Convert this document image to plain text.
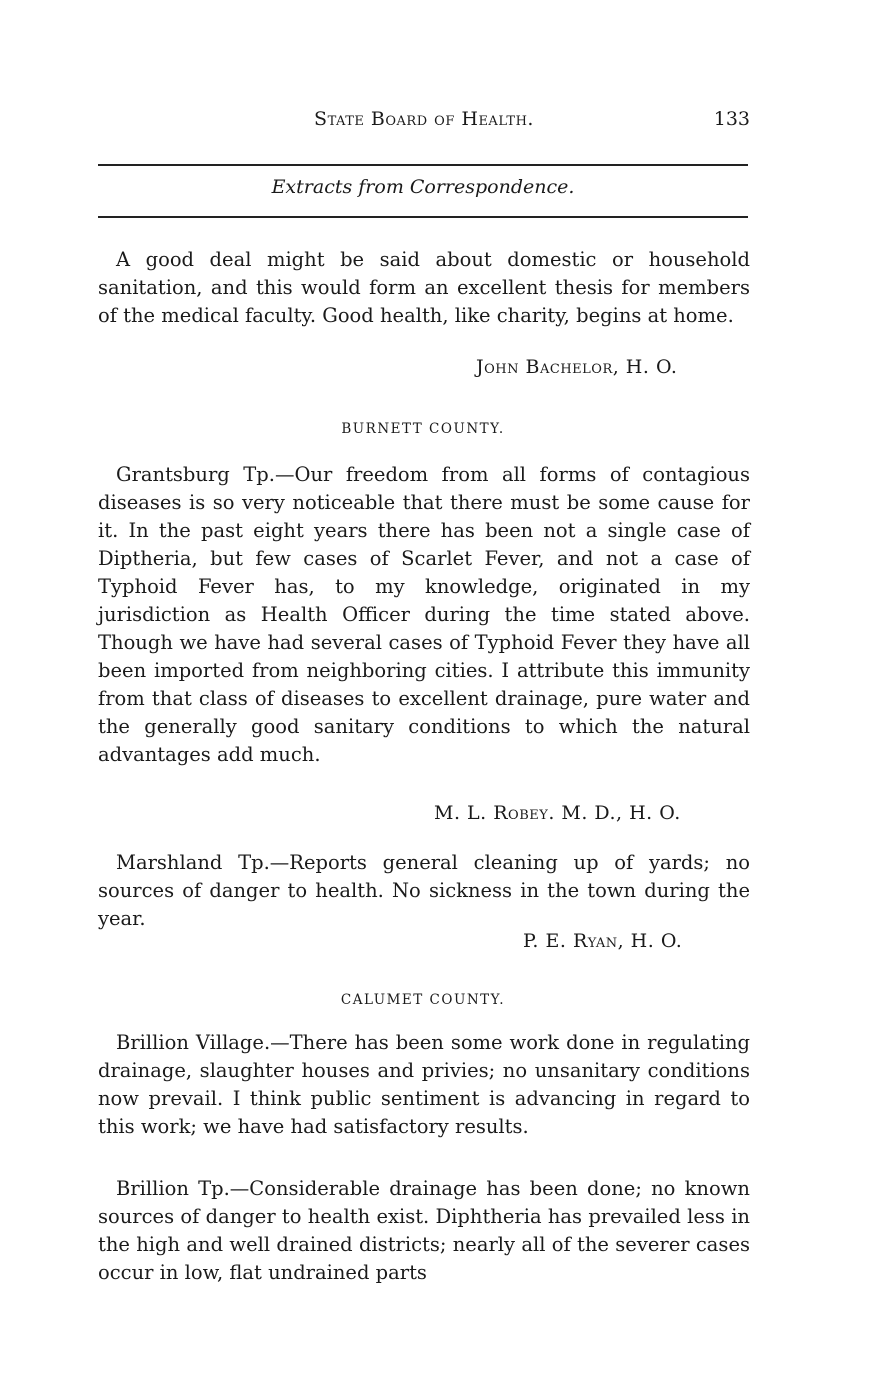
State Board of Health.	133
Extracts from Correspondence.

A good deal might be said about domestic or household sanitation, and this would form an excellent thesis for members of the medical faculty. Good health, like charity, begins at home.

John Bachelor, H. O.
BURNETT COUNTY.

Grantsburg Tp.—Our freedom from all forms of contagious diseases is so very noticeable that there must be some cause for it. In the past eight years there has been not a single case of Diptheria, but few cases of Scarlet Fever, and not a case of Typhoid Fever has, to my knowledge, originated in my jurisdiction as Health Officer during the time stated above. Though we have had several cases of Typhoid Fever they have all been imported from neighboring cities. I attribute this immunity from that class of diseases to excellent drainage, pure water and the generally good sanitary conditions to which the natural advantages add much.

M. L. Robey. M. D., H. O.

Marshland Tp.—Reports general cleaning up of yards; no sources of danger to health. No sickness in the town during the year.

P. E. Ryan, H. O.
CALUMET COUNTY.

Brillion Village.—There has been some work done in regulating drainage, slaughter houses and privies; no unsanitary conditions now prevail. I think public sentiment is advancing in regard to this work; we have had satisfactory results.

Brillion Tp.—Considerable drainage has been done; no known sources of danger to health exist. Diphtheria has prevailed less in the high and well drained districts; nearly all of the severer cases occur in low, flat undrained parts
